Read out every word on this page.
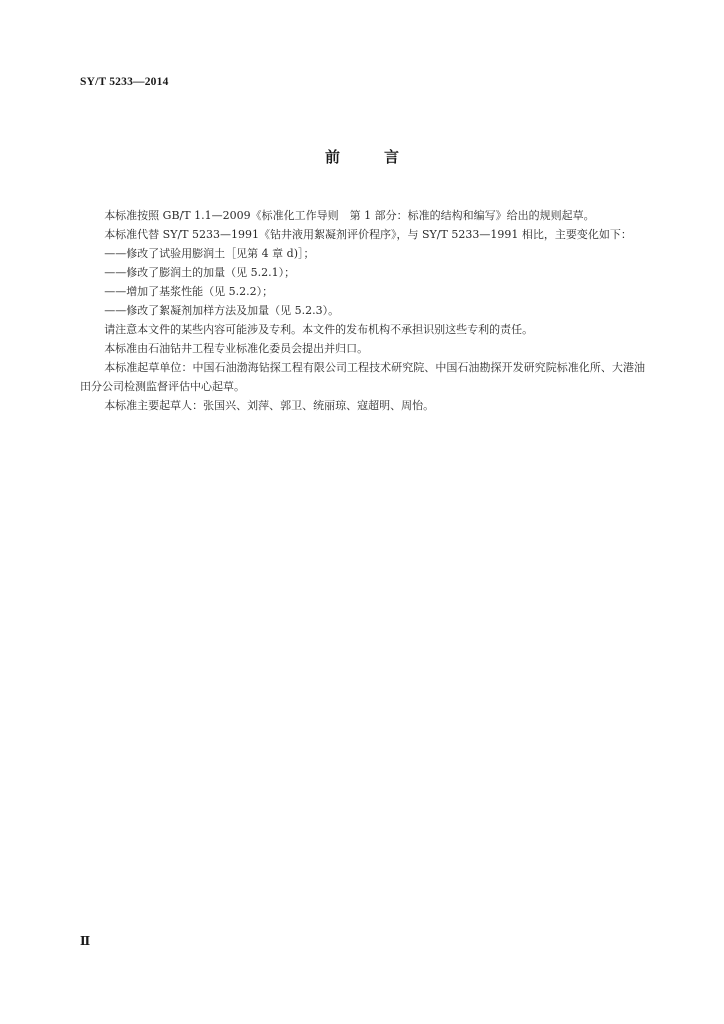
SY/T 5233—2014
前	言

本标准按照 GB/T 1.1—2009《标准化工作导则　第 1 部分：标准的结构和编写》给出的规则起草。

本标准代替 SY/T 5233—1991《钻井液用絮凝剂评价程序》，与 SY/T 5233—1991 相比，主要变化如下：

——修改了试验用膨润土［见第 4 章 d)］；

——修改了膨润土的加量（见 5.2.1）；

——增加了基浆性能（见 5.2.2）；

——修改了絮凝剂加样方法及加量（见 5.2.3）。

请注意本文件的某些内容可能涉及专利。本文件的发布机构不承担识别这些专利的责任。

本标准由石油钻井工程专业标准化委员会提出并归口。

本标准起草单位：中国石油渤海钻探工程有限公司工程技术研究院、中国石油勘探开发研究院标准化所、大港油田分公司检测监督评估中心起草。

本标准主要起草人：张国兴、刘萍、郭卫、统丽琼、寇超明、周怡。

Ⅱ
